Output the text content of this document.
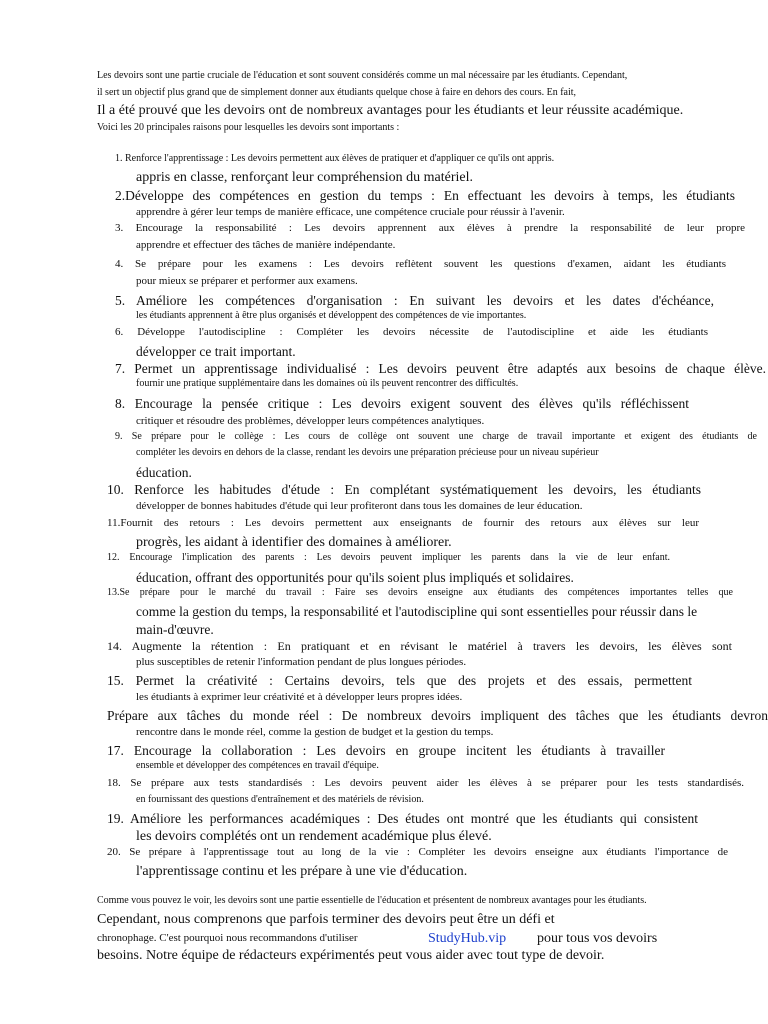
Les devoirs sont une partie cruciale de l'éducation et sont souvent considérés comme un mal nécessaire par les étudiants. Cependant,
il sert un objectif plus grand que de simplement donner aux étudiants quelque chose à faire en dehors des cours. En fait,
Il a été prouvé que les devoirs ont de nombreux avantages pour les étudiants et leur réussite académique.
Voici les 20 principales raisons pour lesquelles les devoirs sont importants :
1. Renforce l'apprentissage : Les devoirs permettent aux élèves de pratiquer et d'appliquer ce qu'ils ont appris.
appris en classe, renforçant leur compréhension du matériel.
2.Développe des compétences en gestion du temps : En effectuant les devoirs à temps, les étudiants
apprendre à gérer leur temps de manière efficace, une compétence cruciale pour réussir à l'avenir.
3. Encourage la responsabilité : Les devoirs apprennent aux élèves à prendre la responsabilité de leur propre
apprendre et effectuer des tâches de manière indépendante.
4. Se prépare pour les examens : Les devoirs reflètent souvent les questions d'examen, aidant les étudiants
pour mieux se préparer et performer aux examens.
5. Améliore les compétences d'organisation : En suivant les devoirs et les dates d'échéance,
les étudiants apprennent à être plus organisés et développent des compétences de vie importantes.
6. Développe l'autodiscipline : Compléter les devoirs nécessite de l'autodiscipline et aide les étudiants
développer ce trait important.
7. Permet un apprentissage individualisé : Les devoirs peuvent être adaptés aux besoins de chaque élève.
fournir une pratique supplémentaire dans les domaines où ils peuvent rencontrer des difficultés.
8. Encourage la pensée critique : Les devoirs exigent souvent des élèves qu'ils réfléchissent
critiquer et résoudre des problèmes, développer leurs compétences analytiques.
9. Se prépare pour le collège : Les cours de collège ont souvent une charge de travail importante et exigent des étudiants de
compléter les devoirs en dehors de la classe, rendant les devoirs une préparation précieuse pour un niveau supérieur
éducation.
10. Renforce les habitudes d'étude : En complétant systématiquement les devoirs, les étudiants
développer de bonnes habitudes d'étude qui leur profiteront dans tous les domaines de leur éducation.
11.Fournit des retours : Les devoirs permettent aux enseignants de fournir des retours aux élèves sur leur
progrès, les aidant à identifier des domaines à améliorer.
12. Encourage l'implication des parents : Les devoirs peuvent impliquer les parents dans la vie de leur enfant.
éducation, offrant des opportunités pour qu'ils soient plus impliqués et solidaires.
13.Se prépare pour le marché du travail : Faire ses devoirs enseigne aux étudiants des compétences importantes telles que
comme la gestion du temps, la responsabilité et l'autodiscipline qui sont essentielles pour réussir dans le
main-d'œuvre.
14. Augmente la rétention : En pratiquant et en révisant le matériel à travers les devoirs, les élèves sont
plus susceptibles de retenir l'information pendant de plus longues périodes.
15. Permet la créativité : Certains devoirs, tels que des projets et des essais, permettent
les étudiants à exprimer leur créativité et à développer leurs propres idées.
Prépare aux tâches du monde réel : De nombreux devoirs impliquent des tâches que les étudiants devron
rencontre dans le monde réel, comme la gestion de budget et la gestion du temps.
17. Encourage la collaboration : Les devoirs en groupe incitent les étudiants à travailler
ensemble et développer des compétences en travail d'équipe.
18. Se prépare aux tests standardisés : Les devoirs peuvent aider les élèves à se préparer pour les tests standardisés.
en fournissant des questions d'entraînement et des matériels de révision.
19. Améliore les performances académiques : Des études ont montré que les étudiants qui consistent
les devoirs complétés ont un rendement académique plus élevé.
20. Se prépare à l'apprentissage tout au long de la vie : Compléter les devoirs enseigne aux étudiants l'importance de
l'apprentissage continu et les prépare à une vie d'éducation.
Comme vous pouvez le voir, les devoirs sont une partie essentielle de l'éducation et présentent de nombreux avantages pour les étudiants.
Cependant, nous comprenons que parfois terminer des devoirs peut être un défi et
chronophage. C'est pourquoi nous recommandons d'utiliser	StudyHub.vip pour tous vos devoirs
besoins. Notre équipe de rédacteurs expérimentés peut vous aider avec tout type de devoir.
